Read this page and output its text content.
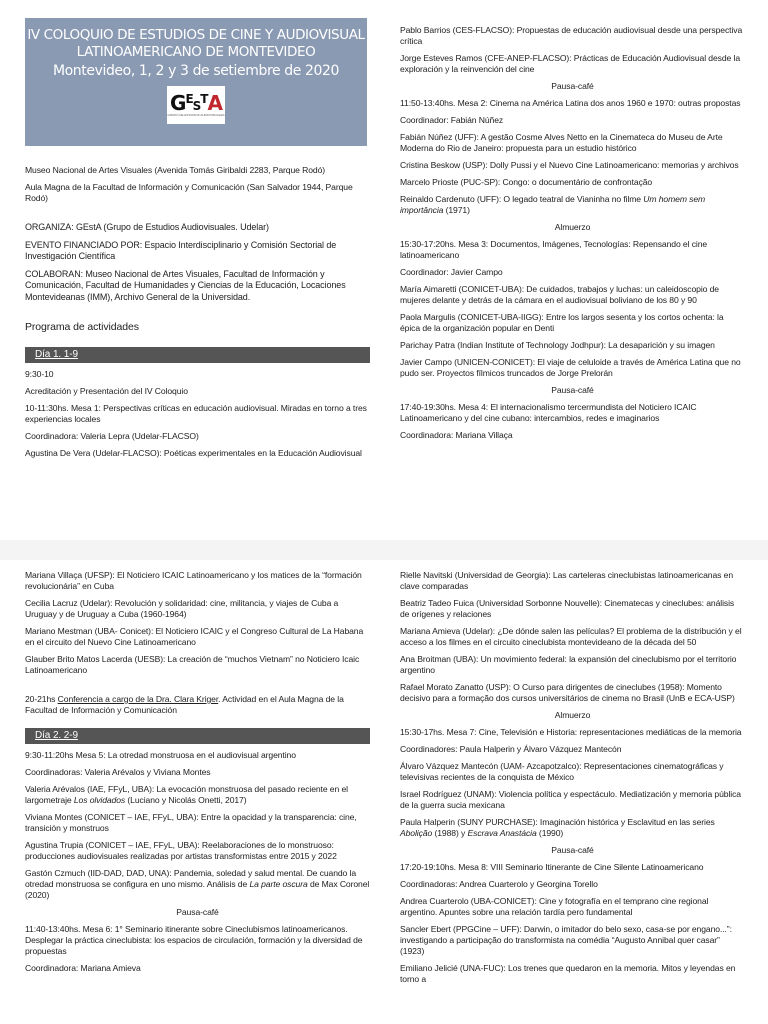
IV COLOQUIO DE ESTUDIOS DE CINE Y AUDIOVISUAL
LATINOAMERICANO DE MONTEVIDEO
Montevideo, 1, 2 y 3 de setiembre de 2020
$G^ES^TA$
GRUPO DE ESTUDIOS AUDIOVISUALES

Museo Nacional de Artes Visuales (Avenida Tomás Giribaldi 2283, Parque Rodó)

Aula Magna de la Facultad de Información y Comunicación (San Salvador 1944, Parque Rodó)

ORGANIZA: GEstA (Grupo de Estudios Audiovisuales. Udelar)

EVENTO FINANCIADO POR: Espacio Interdisciplinario y Comisión Sectorial de Investigación Científica

COLABORAN: Museo Nacional de Artes Visuales, Facultad de Información y Comunicación, Facultad de Humanidades y Ciencias de la Educación, Locaciones Montevideanas (IMM), Archivo General de la Universidad.

Programa de actividades

Día 1. 1-9

9:30-10

Acreditación y Presentación del IV Coloquio

10-11:30hs. Mesa 1: Perspectivas críticas en educación audiovisual. Miradas en torno a tres experiencias locales

Coordinadora: Valeria Lepra (Udelar-FLACSO)

Agustina De Vera (Udelar-FLACSO): Poéticas experimentales en la Educación Audiovisual

Pablo Barrios (CES-FLACSO): Propuestas de educación audiovisual desde una perspectiva crítica

Jorge Esteves Ramos (CFE-ANEP-FLACSO): Prácticas de Educación Audiovisual desde la exploración y la reinvención del cine

Pausa-café

11:50-13:40hs. Mesa 2: Cinema na América Latina dos anos 1960 e 1970: outras propostas

Coordinador: Fabián Núñez

Fabián Núñez (UFF): A gestão Cosme Alves Netto en la Cinemateca do Museu de Arte Moderna do Rio de Janeiro: propuesta para un estudio histórico

Cristina Beskow (USP): Dolly Pussi y el Nuevo Cine Latinoamericano: memorias y archivos

Marcelo Prioste (PUC-SP): Congo: o documentário de confrontação

Reinaldo Cardenuto (UFF): O legado teatral de Vianinha no filme Um homem sem importância (1971)

Almuerzo

15:30-17:20hs. Mesa 3: Documentos, Imágenes, Tecnologías: Repensando el cine latinoamericano

Coordinador: Javier Campo

María Aimaretti (CONICET-UBA): De cuidados, trabajos y luchas: un caleidoscopio de mujeres delante y detrás de la cámara en el audiovisual boliviano de los 80 y 90

Paola Margulis (CONICET-UBA-IIGG): Entre los largos sesenta y los cortos ochenta: la épica de la organización popular en Denti

Parichay Patra (Indian Institute of Technology Jodhpur): La desaparición y su imagen

Javier Campo (UNICEN-CONICET): El viaje de celuloide a través de América Latina que no pudo ser. Proyectos fílmicos truncados de Jorge Prelorán

Pausa-café

17:40-19:30hs. Mesa 4: El internacionalismo tercermundista del Noticiero ICAIC Latinoamericano y del cine cubano: intercambios, redes e imaginarios

Coordinadora: Mariana Villaça

Mariana Villaça (UFSP): El Noticiero ICAIC Latinoamericano y los matices de la “formación revolucionária” en Cuba

Cecilia Lacruz (Udelar): Revolución y solidaridad: cine, militancia, y viajes de Cuba a Uruguay y de Uruguay a Cuba (1960-1964)

Mariano Mestman (UBA- Conicet): El Noticiero ICAIC y el Congreso Cultural de La Habana en el circuito del Nuevo Cine Latinoamericano

Glauber Brito Matos Lacerda (UESB): La creación de “muchos Vietnam” no Noticiero Icaic Latinoamericano

20-21hs Conferencia a cargo de la Dra. Clara Kriger. Actividad en el Aula Magna de la Facultad de Información y Comunicación

Día 2. 2-9

9:30-11:20hs Mesa 5: La otredad monstruosa en el audiovisual argentino

Coordinadoras: Valeria Arévalos y Viviana Montes

Valeria Arévalos (IAE, FFyL, UBA): La evocación monstruosa del pasado reciente en el largometraje Los olvidados (Luciano y Nicolás Onetti, 2017)

Viviana Montes (CONICET – IAE, FFyL, UBA): Entre la opacidad y la transparencia: cine, transición y monstruos

Agustina Trupia (CONICET – IAE, FFyL, UBA): Reelaboraciones de lo monstruoso: producciones audiovisuales realizadas por artistas transformistas entre 2015 y 2022

Gastón Czmuch (IID-DAD, DAD, UNA): Pandemia, soledad y salud mental. De cuando la otredad monstruosa se configura en uno mismo. Análisis de La parte oscura de Max Coronel (2020)

Pausa-café

11:40-13:40hs. Mesa 6: 1° Seminario itinerante sobre Cineclubismos latinoamericanos. Desplegar la práctica cineclubista: los espacios de circulación, formación y la diversidad de propuestas

Coordinadora: Mariana Amieva

Rielle Navitski (Universidad de Georgia): Las carteleras cineclubistas latinoamericanas en clave comparadas

Beatriz Tadeo Fuica (Universidad Sorbonne Nouvelle): Cinematecas y cineclubes: análisis de orígenes y relaciones

Mariana Amieva (Udelar): ¿De dónde salen las películas? El problema de la distribución y el acceso a los filmes en el circuito cineclubista montevideano de la década del 50

Ana Broitman (UBA): Un movimiento federal: la expansión del cineclubismo por el territorio argentino

Rafael Morato Zanatto (USP): O Curso para dirigentes de cineclubes (1958): Momento decisivo para a formação dos cursos universitários de cinema no Brasil (UnB e ECA-USP)

Almuerzo

15:30-17hs. Mesa 7: Cine, Televisión e Historia: representaciones mediáticas de la memoria

Coordinadores: Paula Halperin y Álvaro Vázquez Mantecón

Álvaro Vázquez Mantecón (UAM- Azcapotzalco): Representaciones cinematográficas y televisivas recientes de la conquista de México

Israel Rodríguez (UNAM): Violencia política y espectáculo. Mediatización y memoria pública de la guerra sucia mexicana

Paula Halperin (SUNY PURCHASE): Imaginación histórica y Esclavitud en las series Abolição (1988) y Escrava Anastácia (1990)

Pausa-café

17:20-19:10hs. Mesa 8: VIII Seminario Itinerante de Cine Silente Latinoamericano

Coordinadoras: Andrea Cuarterolo y Georgina Torello

Andrea Cuarterolo (UBA-CONICET): Cine y fotografía en el temprano cine regional argentino. Apuntes sobre una relación tardía pero fundamental

Sancler Ebert (PPGCine – UFF): Darwin, o imitador do belo sexo, casa-se por engano...”: investigando a participação do transformista na comédia “Augusto Annibal quer casar” (1923)

Emiliano Jelicié (UNA-FUC): Los trenes que quedaron en la memoria. Mitos y leyendas en torno a
